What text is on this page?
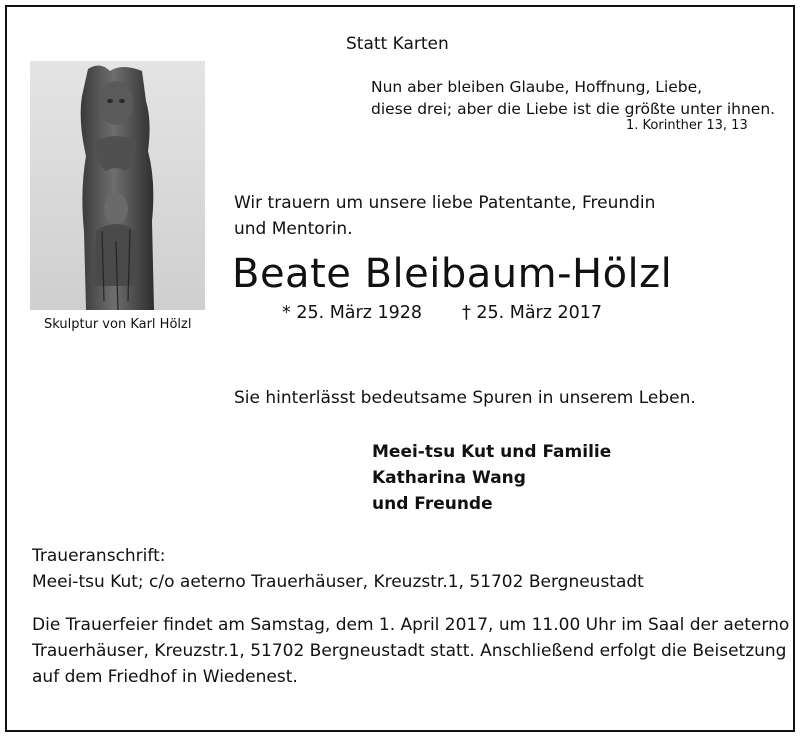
Statt Karten
Nun aber bleiben Glaube, Hoffnung, Liebe,
diese drei; aber die Liebe ist die größte unter ihnen.
1. Korinther 13, 13
Skulptur von Karl Hölzl
Wir trauern um unsere liebe Patentante, Freundin
und Mentorin.
Beate Bleibaum-Hölzl
* 25. März 1928 † 25. März 2017
Sie hinterlässt bedeutsame Spuren in unserem Leben.
Meei-tsu Kut und Familie
Katharina Wang
und Freunde
Traueranschrift:
Meei-tsu Kut; c/o aeterno Trauerhäuser, Kreuzstr.1, 51702 Bergneustadt
Die Trauerfeier findet am Samstag, dem 1. April 2017, um 11.00 Uhr im Saal der aeterno
Trauerhäuser, Kreuzstr.1, 51702 Bergneustadt statt. Anschließend erfolgt die Beisetzung
auf dem Friedhof in Wiedenest.
